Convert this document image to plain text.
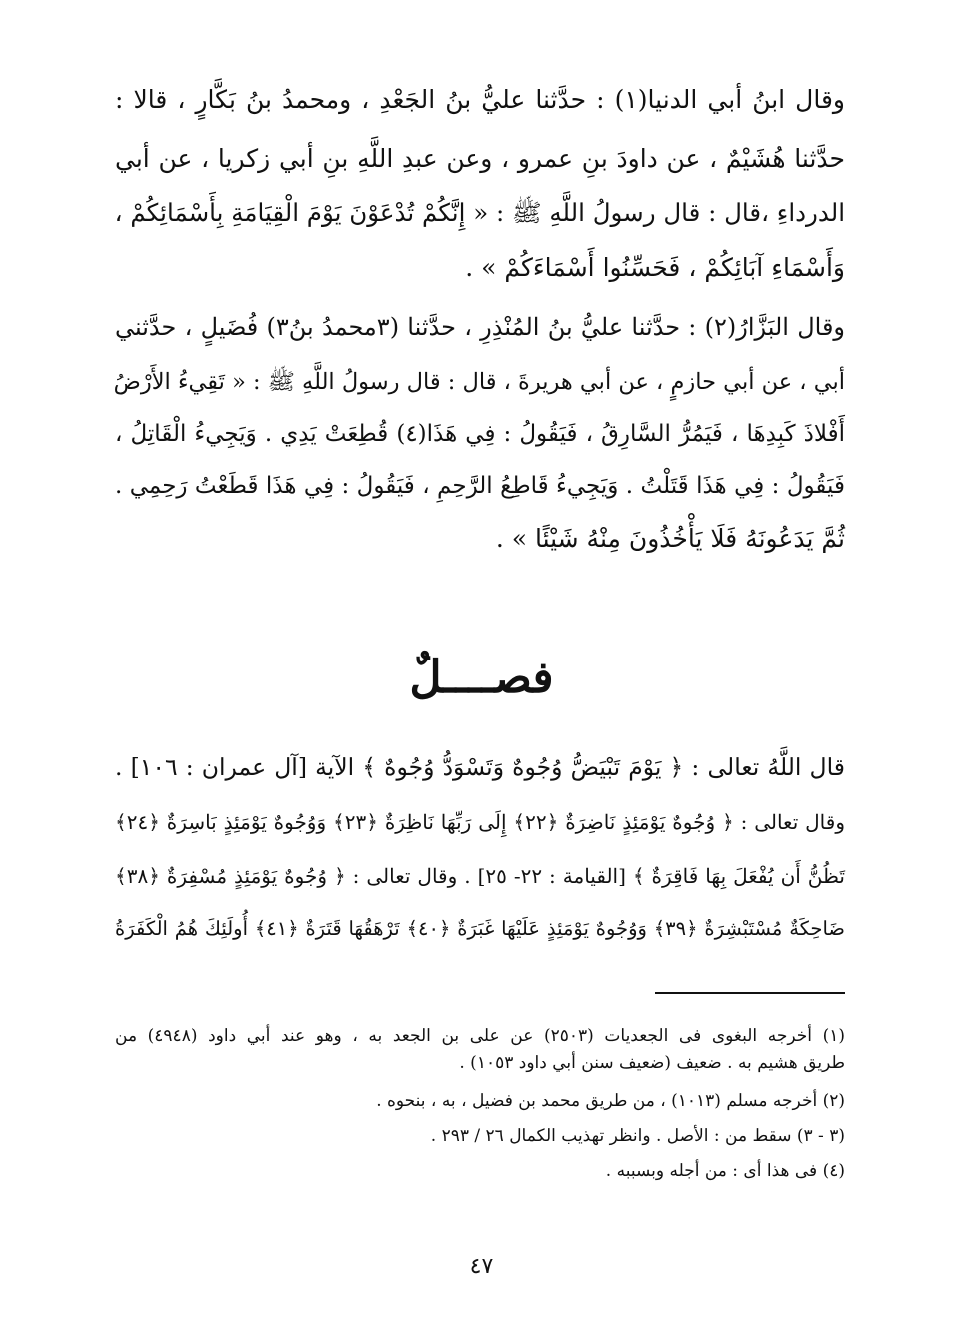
وقال ابنُ أبي الدنيا(١) : حدَّثنا عليُّ بنُ الجَعْدِ ، ومحمدُ بنُ بَكَّارٍ ، قالا :
حدَّثنا هُشَيْمٌ ، عن داودَ بنِ عمرو ، وعن عبدِ اللَّهِ بنِ أبي زكريا ، عن أبي
الدرداءِ ،قال : قال رسولُ اللَّهِ ﷺ : « إِنَّكُمْ تُدْعَوْنَ يَوْمَ الْقِيَامَةِ بِأَسْمَائِكُمْ ،
وَأَسْمَاءِ آبَائِكُمْ ، فَحَسِّنُوا أَسْمَاءَكُمْ » .
وقال البَزَّارُ(٢) : حدَّثنا عليُّ بنُ المُنْذِرِ ، حدَّثنا (٣محمدُ بنُ٣) فُضَيلٍ ، حدَّثني
أبي ، عن أبي حازمٍ ، عن أبي هريرةَ ، قال : قال رسولُ اللَّهِ ﷺ : « تَقِيءُ الأَرْضُ
أَفْلاذَ كَبِدِهَا ، فَيَمُرُّ السَّارِقُ ، فَيَقُولُ : فِي هَذَا(٤) قُطِعَتْ يَدِي . وَيَجِيءُ الْقَاتِلُ ،
فَيَقُولُ : فِي هَذَا قَتَلْتُ . وَيَجِيءُ قَاطِعُ الرَّحِمِ ، فَيَقُولُ : فِي هَذَا قَطَعْتُ رَحِمِي .
ثُمَّ يَدَعُونَهُ فَلَا يَأْخُذُونَ مِنْهُ شَيْئًا » .
فصــــلٌ
قال اللَّهُ تعالى : ﴿ يَوْمَ تَبْيَضُّ وُجُوهٌ وَتَسْوَدُّ وُجُوهٌ ﴾ الآية [آل عمران : ١٠٦] .
وقال تعالى : ﴿ وُجُوهٌ يَوْمَئِذٍ نَاضِرَةٌ ﴿٢٢﴾ إِلَى رَبِّهَا نَاظِرَةٌ ﴿٢٣﴾ وَوُجُوهٌ يَوْمَئِذٍ بَاسِرَةٌ ﴿٢٤﴾
تَظُنُّ أَن يُفْعَلَ بِهَا فَاقِرَةٌ ﴾ [القيامة : ٢٢- ٢٥] . وقال تعالى : ﴿ وُجُوهٌ يَوْمَئِذٍ مُسْفِرَةٌ ﴿٣٨﴾
ضَاحِكَةٌ مُسْتَبْشِرَةٌ ﴿٣٩﴾ وَوُجُوهٌ يَوْمَئِذٍ عَلَيْهَا غَبَرَةٌ ﴿٤٠﴾ تَرْهَقُهَا قَتَرَةٌ ﴿٤١﴾ أُولَئِكَ هُمُ الْكَفَرَةُ
(١) أخرجه البغوى فى الجعديات (٢٥٠٣) عن على بن الجعد به ، وهو عند أبي داود (٤٩٤٨) من
طريق هشيم به . ضعيف (ضعيف سنن أبي داود ١٠٥٣) .
(٢) أخرجه مسلم (١٠١٣) ، من طريق محمد بن فضيل ، به ، بنحوه .
(٣ - ٣) سقط من : الأصل . وانظر تهذيب الكمال ٢٦ / ٢٩٣ .
(٤) فى هذا أى : من أجله وبسببه .
٤٧
